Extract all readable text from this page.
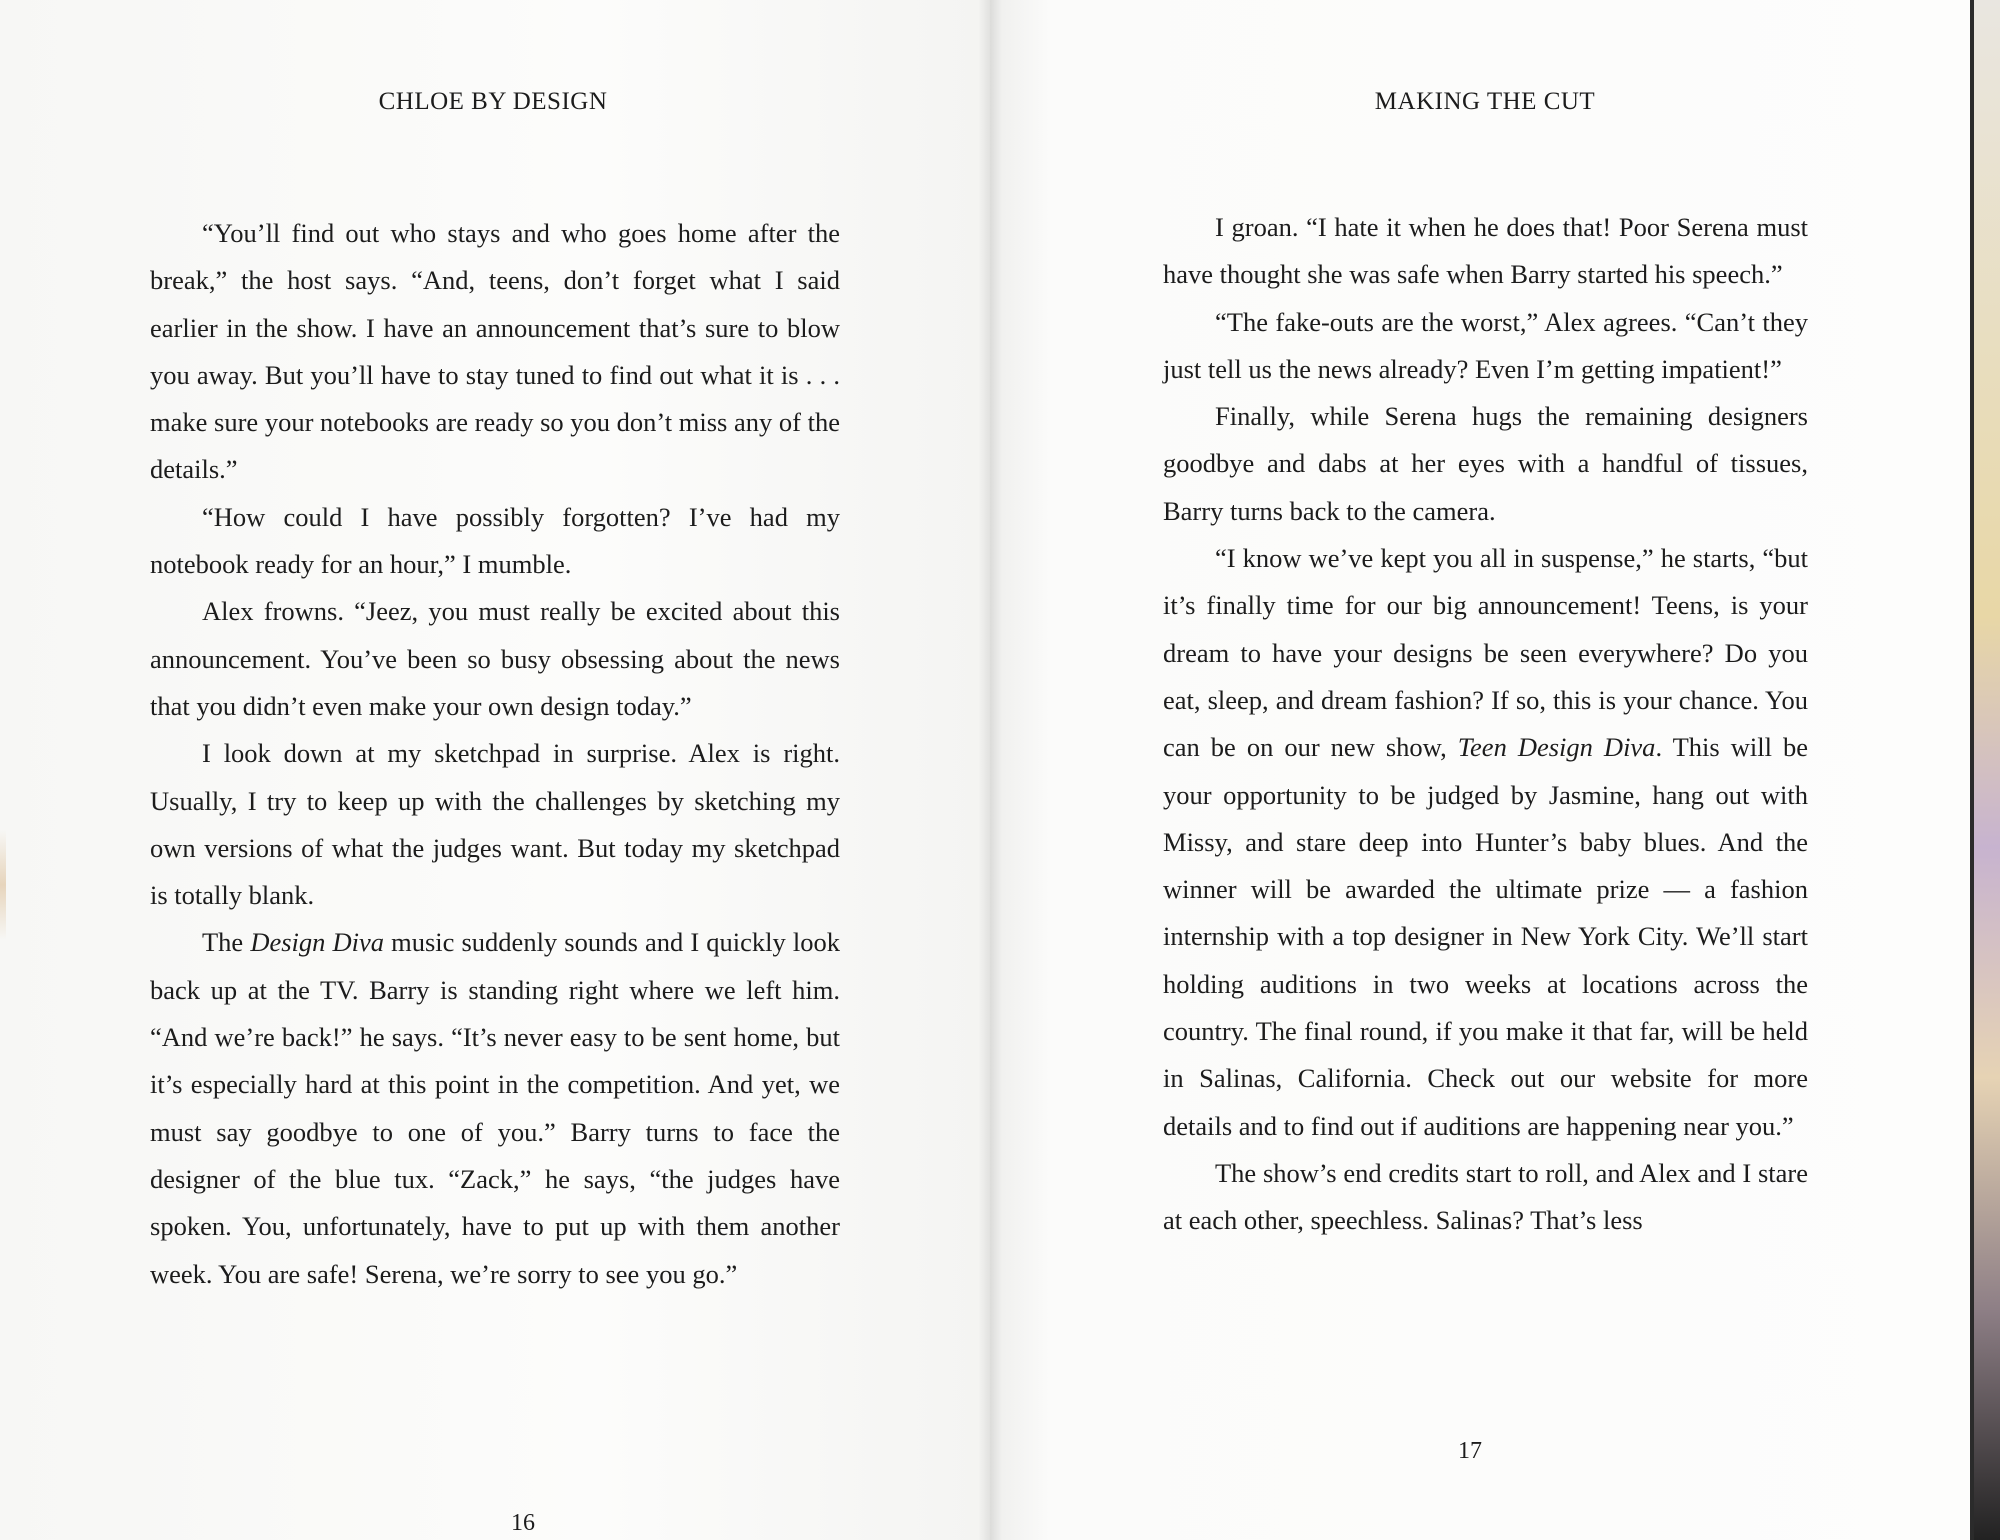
CHLOE BY DESIGN

“You’ll find out who stays and who goes home after the break,” the host says. “And, teens, don’t forget what I said earlier in the show. I have an announcement that’s sure to blow you away. But you’ll have to stay tuned to find out what it is . . . make sure your notebooks are ready so you don’t miss any of the details.”

“How could I have possibly forgotten? I’ve had my notebook ready for an hour,” I mumble.

Alex frowns. “Jeez, you must really be excited about this announcement. You’ve been so busy obsessing about the news that you didn’t even make your own design today.”

I look down at my sketchpad in surprise. Alex is right. Usually, I try to keep up with the challenges by sketching my own versions of what the judges want. But today my sketchpad is totally blank.

The Design Diva music suddenly sounds and I quickly look back up at the TV. Barry is standing right where we left him. “And we’re back!” he says. “It’s never easy to be sent home, but it’s especially hard at this point in the competition. And yet, we must say goodbye to one of you.” Barry turns to face the designer of the blue tux. “Zack,” he says, “the judges have spoken. You, unfortunately, have to put up with them another week. You are safe! Serena, we’re sorry to see you go.”

16
MAKING THE CUT

I groan. “I hate it when he does that! Poor Serena must have thought she was safe when Barry started his speech.”

“The fake-outs are the worst,” Alex agrees. “Can’t they just tell us the news already? Even I’m getting impatient!”

Finally, while Serena hugs the remaining designers goodbye and dabs at her eyes with a handful of tissues, Barry turns back to the camera.

“I know we’ve kept you all in suspense,” he starts, “but it’s finally time for our big announcement! Teens, is your dream to have your designs be seen everywhere? Do you eat, sleep, and dream fashion? If so, this is your chance. You can be on our new show, Teen Design Diva. This will be your opportunity to be judged by Jasmine, hang out with Missy, and stare deep into Hunter’s baby blues. And the winner will be awarded the ultimate prize — a fashion internship with a top designer in New York City. We’ll start holding auditions in two weeks at locations across the country. The final round, if you make it that far, will be held in Salinas, California. Check out our website for more details and to find out if auditions are happening near you.”

The show’s end credits start to roll, and Alex and I stare at each other, speechless. Salinas? That’s less

17
